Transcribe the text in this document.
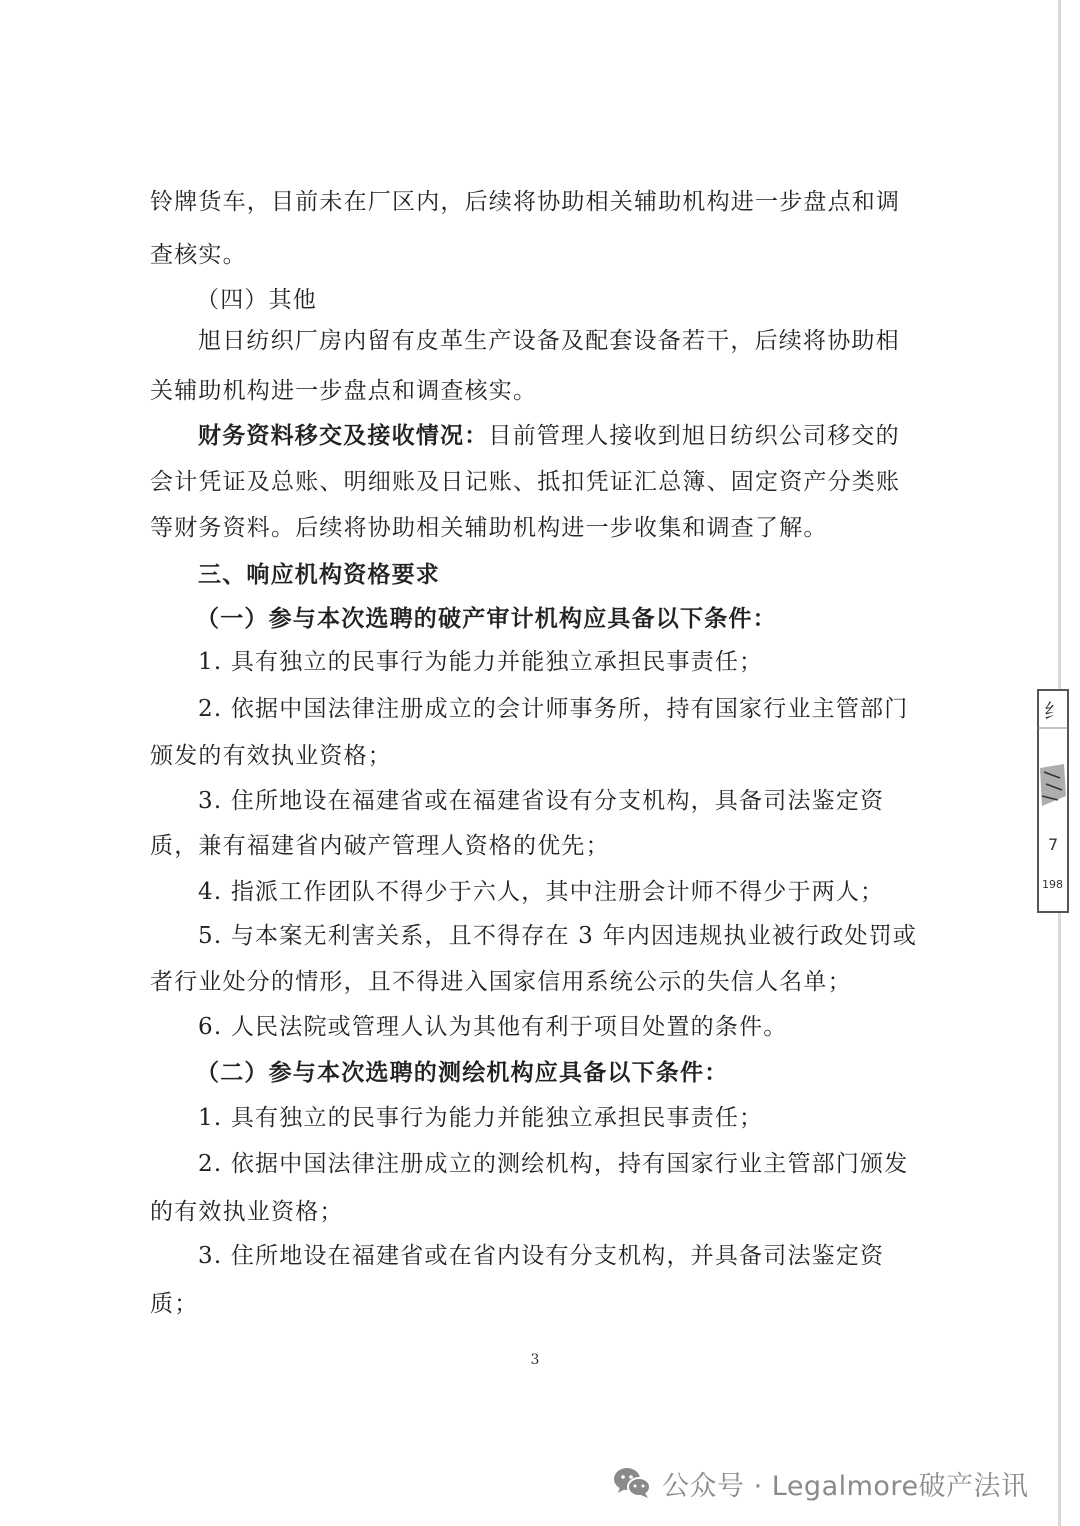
铃牌货车，目前未在厂区内，后续将协助相关辅助机构进一步盘点和调
查核实。
（四）其他
旭日纺织厂房内留有皮革生产设备及配套设备若干，后续将协助相
关辅助机构进一步盘点和调查核实。
财务资料移交及接收情况：目前管理人接收到旭日纺织公司移交的
会计凭证及总账、明细账及日记账、抵扣凭证汇总簿、固定资产分类账
等财务资料。后续将协助相关辅助机构进一步收集和调查了解。
三、响应机构资格要求
（一）参与本次选聘的破产审计机构应具备以下条件：
1. 具有独立的民事行为能力并能独立承担民事责任；
2. 依据中国法律注册成立的会计师事务所，持有国家行业主管部门
颁发的有效执业资格；
3. 住所地设在福建省或在福建省设有分支机构，具备司法鉴定资
质，兼有福建省内破产管理人资格的优先；
4. 指派工作团队不得少于六人，其中注册会计师不得少于两人；
5. 与本案无利害关系，且不得存在 3 年内因违规执业被行政处罚或
者行业处分的情形，且不得进入国家信用系统公示的失信人名单；
6. 人民法院或管理人认为其他有利于项目处置的条件。
（二）参与本次选聘的测绘机构应具备以下条件：
1. 具有独立的民事行为能力并能独立承担民事责任；
2. 依据中国法律注册成立的测绘机构，持有国家行业主管部门颁发
的有效执业资格；
3. 住所地设在福建省或在省内设有分支机构，并具备司法鉴定资
质；
3
纟
7
198
公众号 · Legalmore破产法讯
